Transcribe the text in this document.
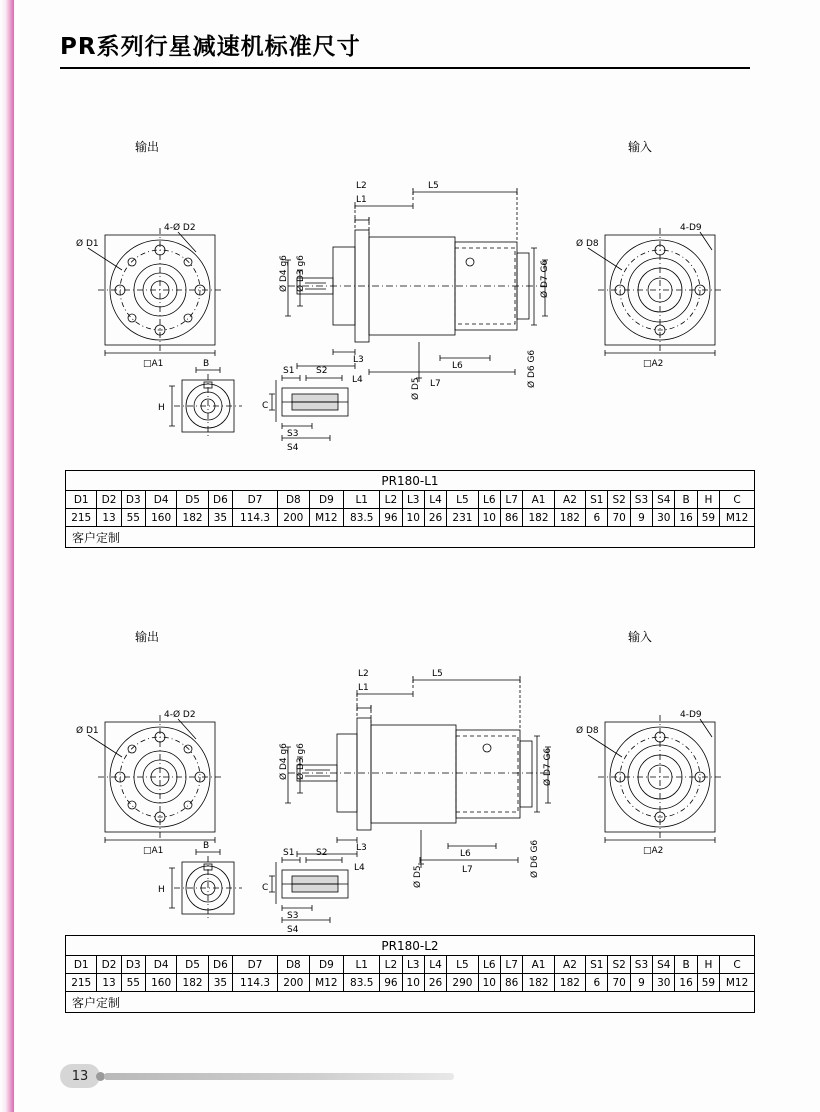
PR系列行星减速机标准尺寸
输出	输入
Ø D1
4-Ø D2
□A1
L1
L2	L5
L3
L4
L6
L7
Ø D4 g6 Ø D3 g6
Ø D5
Ø D6 G6
Ø D7 G6
Ø D8
4-D9
□A2
B
H	C
S1 S2
S3
S4
PR180-L1																								
D1	D2	D3	D4	D5	D6	D7	D8	D9	L1	L2	L3	L4	L5	L6	L7	A1	A2	S1	S2	S3	S4	B	H	C
215	13	55	160	182	35	114.3	200	M12	83.5	96	10	26	231	10	86	182	182	6	70	9	30	16	59	M12
客户定制																								
输出	输入
Ø D1
4-Ø D2
□A1
L1
L2	L5
L3
L4
L6
L7
Ø D4 g6 Ø D3 g6
Ø D5	Ø D6 G6
Ø D7 G6
Ø D8
4-D9
□A2
B
H	C
S1 S2
S3
S4
PR180-L2																								
D1	D2	D3	D4	D5	D6	D7	D8	D9	L1	L2	L3	L4	L5	L6	L7	A1	A2	S1	S2	S3	S4	B	H	C
215	13	55	160	182	35	114.3	200	M12	83.5	96	10	26	290	10	86	182	182	6	70	9	30	16	59	M12
客户定制																								
13
